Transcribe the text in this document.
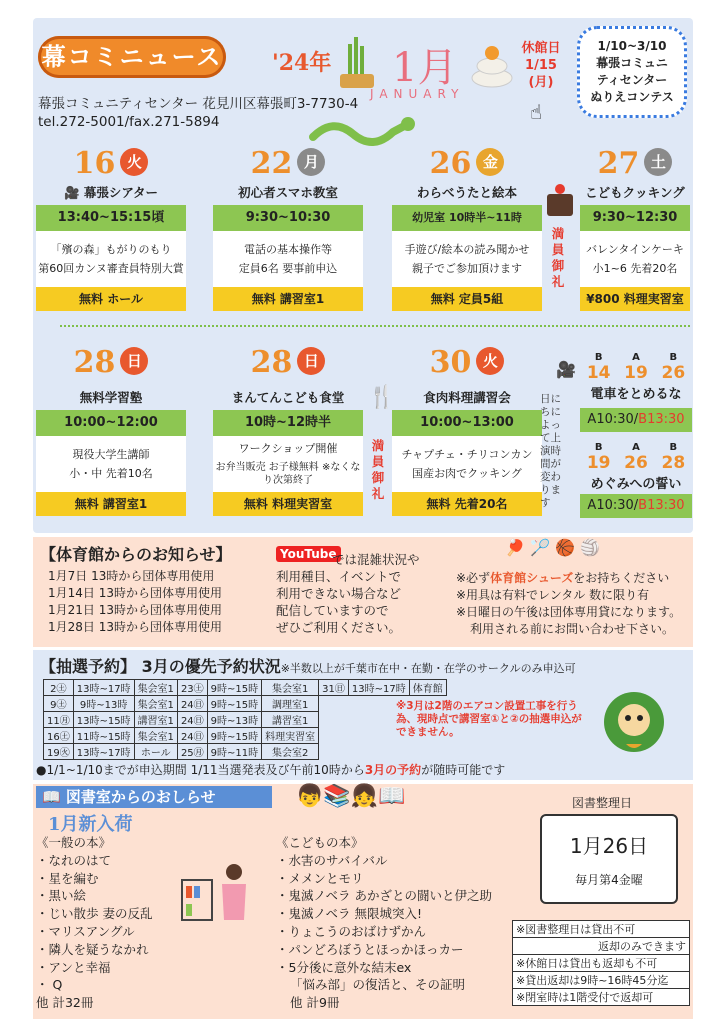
幕コミニュース
幕張コミュニティセンター 花見川区幕張町3-7730-4
tel.272-5001/fax.271-5894
'24年 1月
JANUARY
休館日
1/15
(月)
☝
1/10~3/10
幕張コミュニ
ティセンター
ぬりえコンテス
16 火
🎥 幕張シアター
13:40~15:15頃
「殯の森」もがりのもり
第60回カンヌ審査員特別大賞
無料 ホール
22 月
初心者スマホ教室
9:30~10:30
電話の基本操作等
定員6名 要事前申込
無料 講習室1
26 金
わらべうたと絵本
幼児室 10時半~11時
手遊び/絵本の読み聞かせ
親子でご参加頂けます
無料 定員5組
満員御礼
27 土
こどもクッキング
9:30~12:30
バレンタインケーキ
小1~6 先着20名
¥800 料理実習室
28 日
無料学習塾
10:00~12:00
現役大学生講師
小・中 先着10名
無料 講習室1
28 日
まんてんこども食堂
10時~12時半
ワークショップ開催
お弁当販売 お子様無料 ※なくなり次第終了
無料 料理実習室
🍴
満員御礼
30 火
食肉料理講習会
10:00~13:00
チャプチェ・チリコンカン
国産お肉でクッキング
無料 先着20名
🎥
日にちによって上演時間が変わります
B	A	B
14 19 26
電車をとめるな
A10:30/B13:30
B	A	B
19 26 28
めぐみへの誓い
A10:30/B13:30
【体育館からのお知らせ】
1月7日 13時から団体専用使用
1月14日 13時から団体専用使用
1月21日 13時から団体専用使用
1月28日 13時から団体専用使用
YouTube
では混雑状況や
利用種目、イベントで
利用できない場合など
配信していますので
ぜひご利用ください。
🏓 🏸 🏀 🏐
※必ず体育館シューズをお持ちください
※用具は有料でレンタル 数に限り有
※日曜日の午後は団体専用貸になります。
利用される前にお問い合わせ下さい。
【抽選予約】 3月の優先予約状況※半数以上が千葉市在中・在勤・在学のサークルのみ申込可
2㊏	13時~17時	集会室1	23㊏	9時~15時	集会室1	31㊐	13時~17時	体育館
9㊏	9時~13時	集会室1	24㊐	9時~15時	調理室1			
11㊊	13時~15時	講習室1	24㊐	9時~13時	講習室1			
16㊏	11時~15時	集会室1	24㊐	9時~15時	料理実習室			
19㊋	13時~17時	ホール	25㊊	9時~11時	集会室2			
※3月は2階のエアコン設置工事を行う為、現時点で講習室①と②の抽選申込ができません。
●1/1~1/10までが申込期間 1/11当選発表及び午前10時から3月の予約が随時可能です
📖 図書室からのおしらせ
1月新入荷
《一般の本》
・なれのはて
・星を編む
・黒い絵
・じい散歩 妻の反乱
・マリスアングル
・隣人を疑うなかれ
・アンと幸福
・ Q
他 計32冊
《こどもの本》
・水害のサバイバル
・メメンとモリ
・鬼滅ノベラ あかざとの闘いと伊之助
・鬼滅ノベラ 無限城突入!
・りょこうのおばけずかん
・パンどろぼうとほっかほっカー
・5分後に意外な結末ex
「悩み部」の復活と、その証明
他 計9冊
👦📚👧📖	図書整理日
1月26日
毎月第4金曜
※図書整理日は貸出不可
返却のみできます
※休館日は貸出も返却も不可
※貸出返却は9時~16時45分迄
※閉室時は1階受付で返却可
